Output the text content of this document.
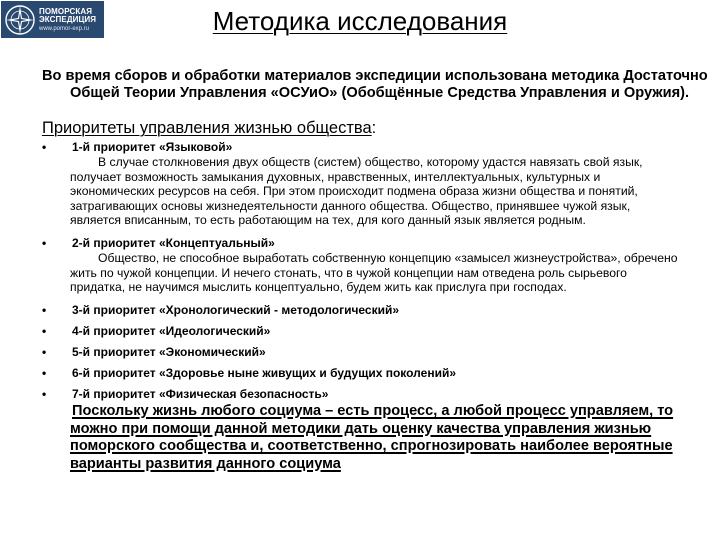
ПОМОРСКАЯ
ЭКСПЕДИЦИЯ
www.pomor-exp.ru	Методика исследования

Во время сборов и обработки материалов экспедиции использована методика Достаточно Общей Теории Управления «ОСУиО» (Обобщённые Средства Управления и Оружия).

Приоритеты управления жизнью общества:

• 1-й приоритет «Языковой»

В случае столкновения двух обществ (систем) общество, которому удастся навязать свой язык, получает возможность замыкания духовных, нравственных, интеллектуальных, культурных и экономических ресурсов на себя. При этом происходит подмена образа жизни общества и понятий, затрагивающих основы жизнедеятельности данного общества. Общество, принявшее чужой язык, является вписанным, то есть работающим на тех, для кого данный язык является родным.

• 2-й приоритет «Концептуальный»

Общество, не способное выработать собственную концепцию «замысел жизнеустройства», обречено жить по чужой концепции. И нечего стонать, что в чужой концепции нам отведена роль сырьевого придатка, не научимся мыслить концептуально, будем жить как прислуга при господах.

• 3-й приоритет «Хронологический - методологический»
• 4-й приоритет «Идеологический»
• 5-й приоритет «Экономический»
• 6-й приоритет «Здоровье ныне живущих и будущих поколений»
• 7-й приоритет «Физическая безопасность»

Поскольку жизнь любого социума – есть процесс, а любой процесс управляем, то можно при помощи данной методики дать оценку качества управления жизнью поморского сообщества и, соответственно, спрогнозировать наиболее вероятные варианты развития данного социума
